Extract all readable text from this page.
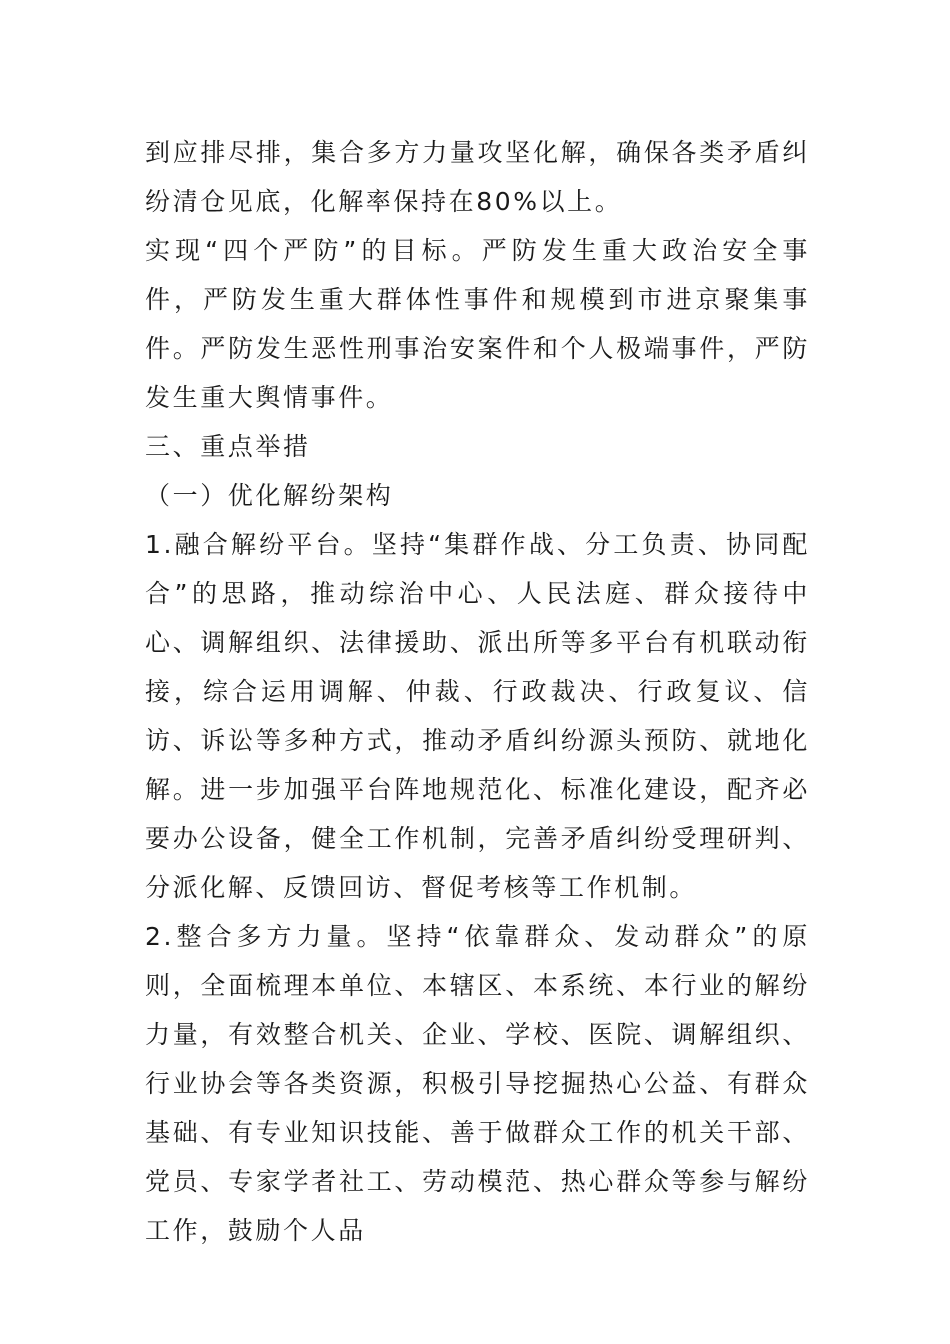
到应排尽排，集合多方力量攻坚化解，确保各类矛盾纠纷清仓见底，化解率保持在80%以上。

实现“四个严防”的目标。严防发生重大政治安全事件，严防发生重大群体性事件和规模到市进京聚集事件。严防发生恶性刑事治安案件和个人极端事件，严防发生重大舆情事件。

三、重点举措

（一）优化解纷架构

1.融合解纷平台。坚持“集群作战、分工负责、协同配合”的思路，推动综治中心、人民法庭、群众接待中心、调解组织、法律援助、派出所等多平台有机联动衔接，综合运用调解、仲裁、行政裁决、行政复议、信访、诉讼等多种方式，推动矛盾纠纷源头预防、就地化解。进一步加强平台阵地规范化、标准化建设，配齐必要办公设备，健全工作机制，完善矛盾纠纷受理研判、分派化解、反馈回访、督促考核等工作机制。

2.整合多方力量。坚持“依靠群众、发动群众”的原则，全面梳理本单位、本辖区、本系统、本行业的解纷力量，有效整合机关、企业、学校、医院、调解组织、行业协会等各类资源，积极引导挖掘热心公益、有群众基础、有专业知识技能、善于做群众工作的机关干部、党员、专家学者社工、劳动模范、热心群众等参与解纷工作，鼓励个人品
